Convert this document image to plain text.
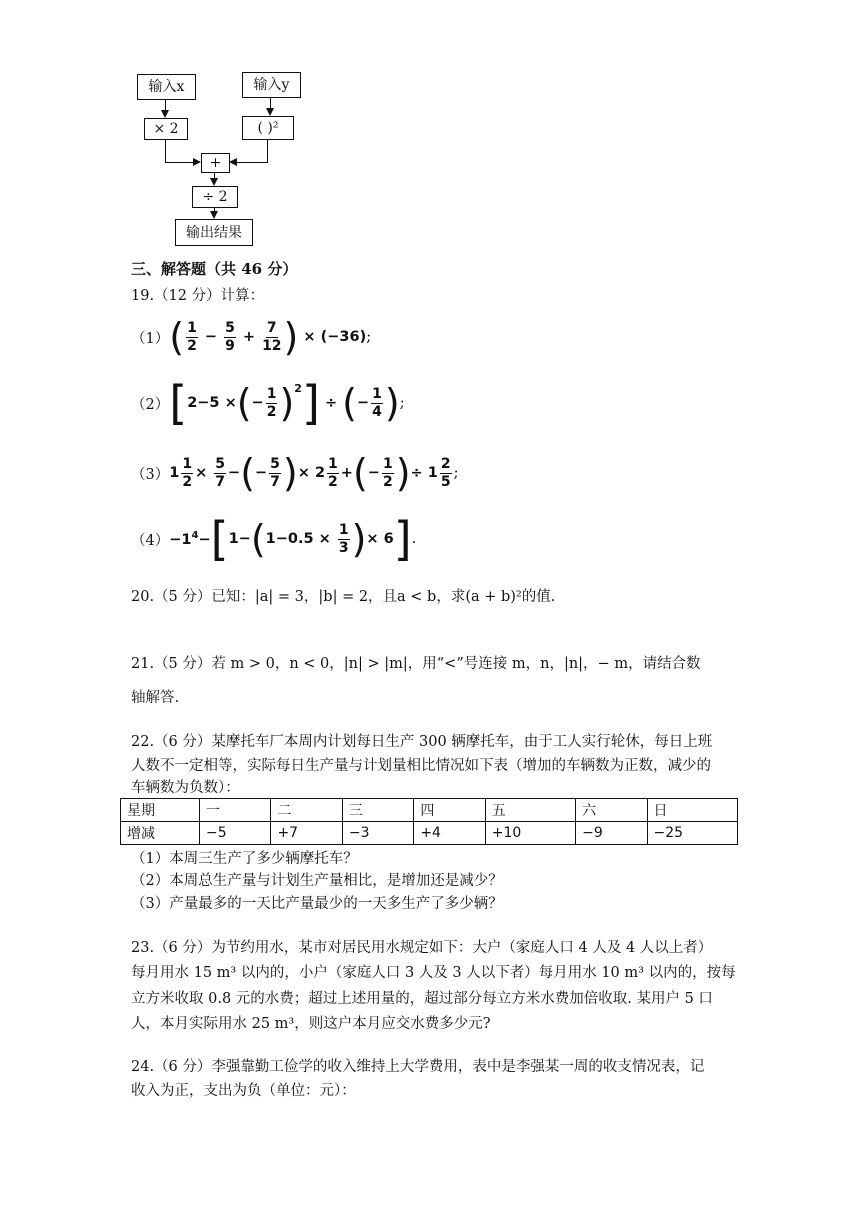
输入x	输入y
× 2	( )²
+
÷ 2
输出结果
三、解答题（共 46 分）
19.（12 分）计算：
（1） ( $\frac{1}{2} - \frac{5}{9} + \frac{7}{12}$ ) × (−36) ;
（2） [ 2−5 × ( − $\frac{1}{2} )^2$ ] ÷ ( − $\frac{1}{4}$ ) ;
（3） $1 \frac{1}{2} \times \frac{5}{7}$ − ( − $\frac{5}{7}$ ) × $2 \frac{1}{2}$ + ( − $\frac{1}{2}$ ) ÷ $1 \frac{2}{5}$ ;
$(4) -1^4-$ [ 1− ( $1-0.5 \times \frac{1}{3}$ ) × 6 ] .
20.（5 分）已知：|a| = 3，|b| = 2，且a < b，求(a + b)²的值.
21.（5 分）若 m > 0，n < 0，|n| > |m|，用“<”号连接 m，n，|n|，− m，请结合数
轴解答.
22.（6 分）某摩托车厂本周内计划每日生产 300 辆摩托车，由于工人实行轮休，每日上班
人数不一定相等，实际每日生产量与计划量相比情况如下表（增加的车辆数为正数，减少的
车辆数为负数）：
星期	一	二	三	四	五	六	日
增减	−5	+7	−3	+4	+10	−9	−25
（1）本周三生产了多少辆摩托车？
（2）本周总生产量与计划生产量相比，是增加还是减少？
（3）产量最多的一天比产量最少的一天多生产了多少辆？
23.（6 分）为节约用水，某市对居民用水规定如下：大户（家庭人口 4 人及 4 人以上者）
每月用水 15 m³ 以内的，小户（家庭人口 3 人及 3 人以下者）每月用水 10 m³ 以内的，按每
立方米收取 0.8 元的水费；超过上述用量的，超过部分每立方米水费加倍收取. 某用户 5 口
人，本月实际用水 25 m³，则这户本月应交水费多少元?
24.（6 分）李强靠勤工俭学的收入维持上大学费用，表中是李强某一周的收支情况表，记
收入为正，支出为负（单位：元）：
